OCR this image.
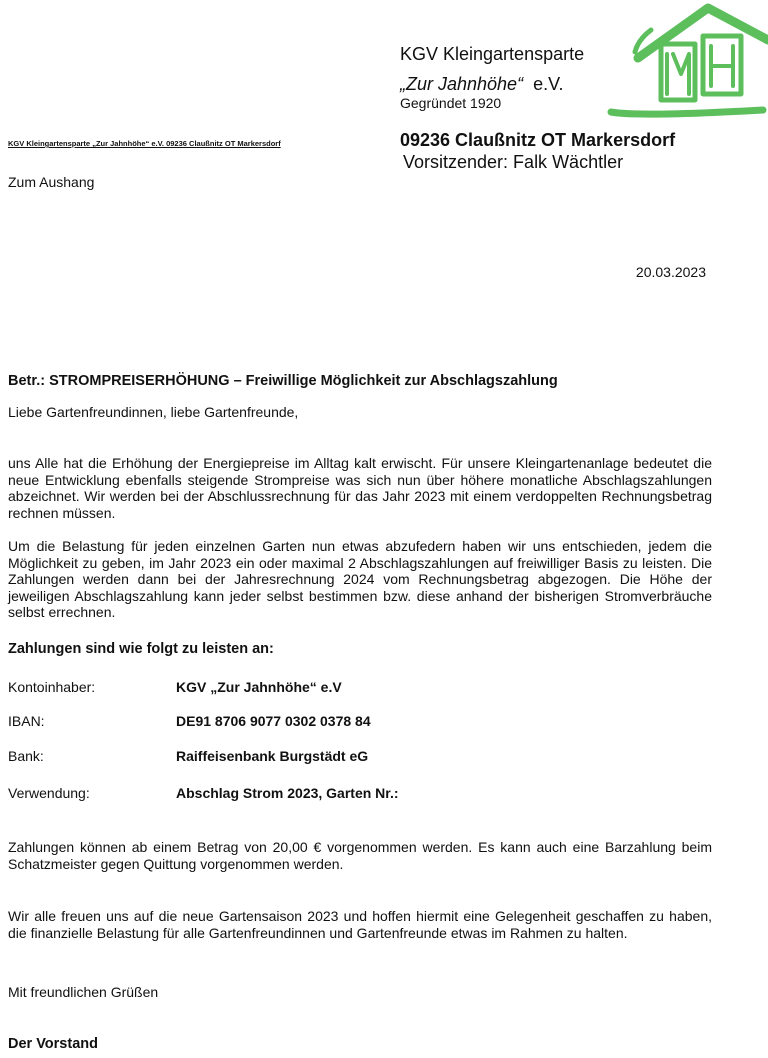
KGV Kleingartensparte
„Zur Jahnhöhe“ e.V.
Gegründet 1920
KGV Kleingartensparte „Zur Jahnhöhe“ e.V. 09236 Claußnitz OT Markersdorf	09236 Claußnitz OT Markersdorf
Vorsitzender: Falk Wächtler
Zum Aushang
20.03.2023
Betr.: STROMPREISERHÖHUNG – Freiwillige Möglichkeit zur Abschlagszahlung
Liebe Gartenfreundinnen, liebe Gartenfreunde,
uns Alle hat die Erhöhung der Energiepreise im Alltag kalt erwischt. Für unsere Kleingartenanlage bedeutet die neue Entwicklung ebenfalls steigende Strompreise was sich nun über höhere monatliche Abschlagszahlungen abzeichnet. Wir werden bei der Abschlussrechnung für das Jahr 2023 mit einem verdoppelten Rechnungsbetrag rechnen müssen.
Um die Belastung für jeden einzelnen Garten nun etwas abzufedern haben wir uns entschieden, jedem die Möglichkeit zu geben, im Jahr 2023 ein oder maximal 2 Abschlagszahlungen auf freiwilliger Basis zu leisten. Die Zahlungen werden dann bei der Jahresrechnung 2024 vom Rechnungsbetrag abgezogen. Die Höhe der jeweiligen Abschlagszahlung kann jeder selbst bestimmen bzw. diese anhand der bisherigen Stromverbräuche selbst errechnen.
Zahlungen sind wie folgt zu leisten an:
Kontoinhaber:	KGV „Zur Jahnhöhe“ e.V
IBAN:	DE91 8706 9077 0302 0378 84
Bank:	Raiffeisenbank Burgstädt eG
Verwendung:	Abschlag Strom 2023, Garten Nr.:
Zahlungen können ab einem Betrag von 20,00 € vorgenommen werden. Es kann auch eine Barzahlung beim Schatzmeister gegen Quittung vorgenommen werden.
Wir alle freuen uns auf die neue Gartensaison 2023 und hoffen hiermit eine Gelegenheit geschaffen zu haben, die finanzielle Belastung für alle Gartenfreundinnen und Gartenfreunde etwas im Rahmen zu halten.
Mit freundlichen Grüßen
Der Vorstand
